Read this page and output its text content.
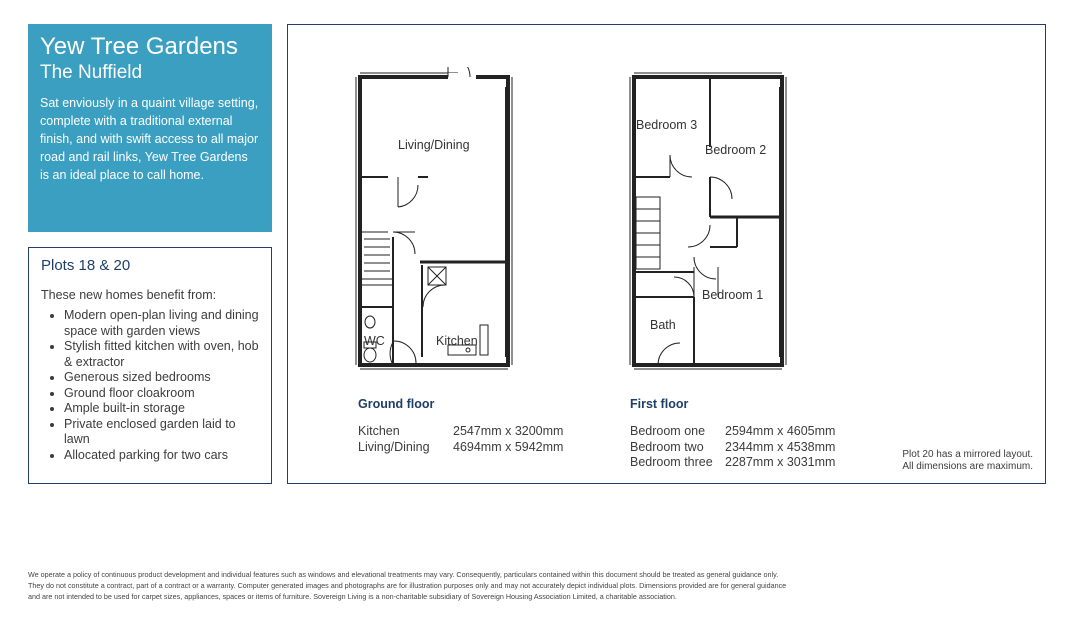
Yew Tree Gardens
The Nuffield
Sat enviously in a quaint village setting, complete with a traditional external finish, and with swift access to all major road and rail links, Yew Tree Gardens is an ideal place to call home.
Plots 18 & 20
These new homes benefit from:
• Modern open-plan living and dining space with garden views
• Stylish fitted kitchen with oven, hob & extractor
• Generous sized bedrooms
• Ground floor cloakroom
• Ample built-in storage
• Private enclosed garden laid to lawn
• Allocated parking for two cars
Living/Dining
WC	Kitchen
Bedroom 3
Bedroom 2
Bedroom 1
Bath
Ground floor
Kitchen	2547mm x 3200mm
Living/Dining	4694mm x 5942mm
First floor
Bedroom one	2594mm x 4605mm
Bedroom two	2344mm x 4538mm
Bedroom three	2287mm x 3031mm
Plot 20 has a mirrored layout.
All dimensions are maximum.
We operate a policy of continuous product development and individual features such as windows and elevational treatments may vary. Consequently, particulars contained within this document should be treated as general guidance only.
They do not constitute a contract, part of a contract or a warranty. Computer generated images and photographs are for illustration purposes only and may not accurately depict individual plots. Dimensions provided are for general guidance
and are not intended to be used for carpet sizes, appliances, spaces or items of furniture. Sovereign Living is a non-charitable subsidiary of Sovereign Housing Association Limited, a charitable association.
